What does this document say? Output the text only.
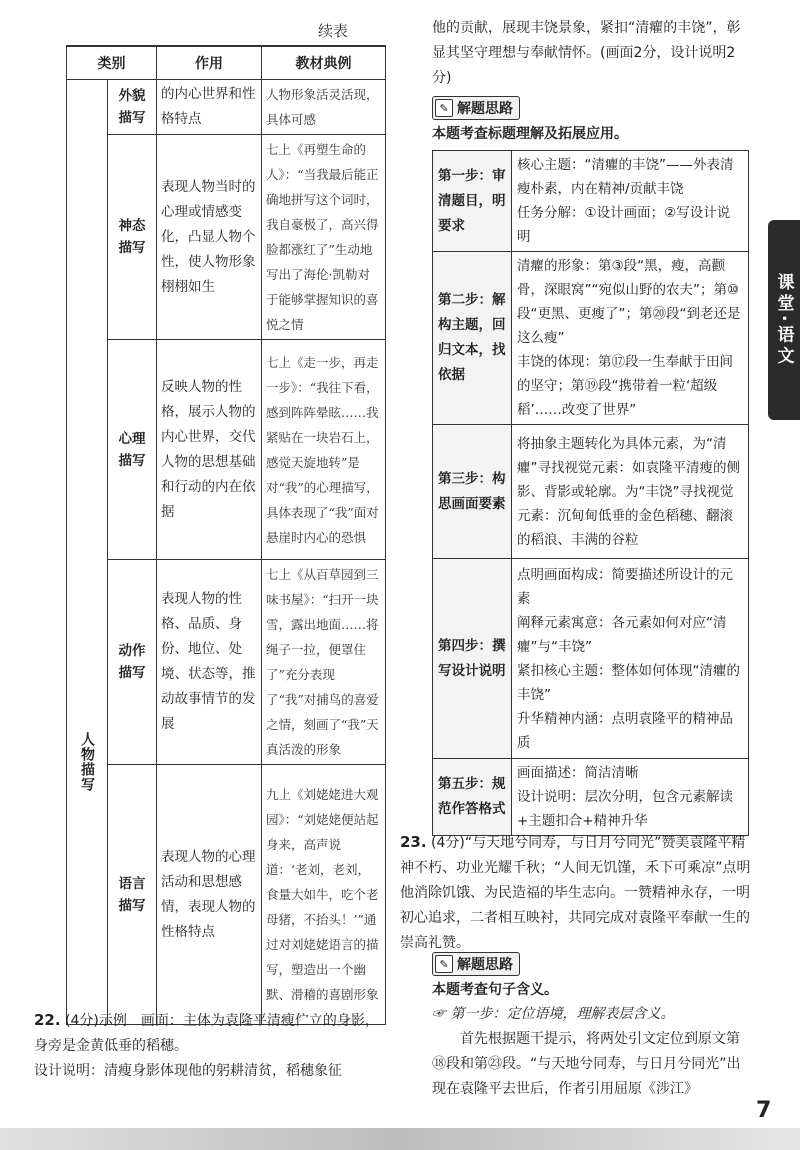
续表
类别		作用	教材典例

人物描写	外貌描写	的内心世界和性格特点	人物形象活灵活现，具体可感
	神态描写	表现人物当时的心理或情感变化，凸显人物个性，使人物形象栩栩如生	七上《再塑生命的人》：“当我最后能正确地拼写这个词时，我自豪极了，高兴得脸都涨红了”生动地写出了海伦·凯勒对于能够掌握知识的喜悦之情
	心理描写	反映人物的性格，展示人物的内心世界，交代人物的思想基础和行动的内在依据	七上《走一步，再走一步》：“我往下看，感到阵阵晕眩……我紧贴在一块岩石上，感觉天旋地转”是对“我”的心理描写，具体表现了“我”面对悬崖时内心的恐惧
	动作描写	表现人物的性格、品质、身份、地位、处境、状态等，推动故事情节的发展	七上《从百草园到三味书屋》：“扫开一块雪，露出地面……将绳子一拉，便罩住了”充分表现了“我”对捕鸟的喜爱之情，刻画了“我”天真活泼的形象
	语言描写	表现人物的心理活动和思想感情，表现人物的性格特点	九上《刘姥姥进大观园》：“刘姥姥便站起身来，高声说道：‘老刘，老刘，食量大如牛，吃个老母猪，不抬头！’”通过对刘姥姥语言的描写，塑造出一个幽默、滑稽的喜剧形象
22. (4分)示例　画面：主体为袁隆平清瘦伫立的身影，身旁是金黄低垂的稻穗。
设计说明：清瘦身影体现他的躬耕清贫，稻穗象征
他的贡献，展现丰饶景象，紧扣“清癯的丰饶”，彰显其坚守理想与奉献情怀。(画面2分，设计说明2分)
✎ 解题思路
本题考查标题理解及拓展应用。
第一步：审清题目，明要求	核心主题：“清癯的丰饶”——外表清瘦朴素，内在精神/贡献丰饶
任务分解：①设计画面；②写设计说明
第二步：解构主题，回归文本，找依据	清癯的形象：第③段“黑，瘦，高颧骨，深眼窝”“宛似山野的农夫”；第⑩段“更黑、更瘦了”；第⑳段“到老还是这么瘦”
丰饶的体现：第⑰段一生奉献于田间的坚守；第⑲段“携带着一粒‘超级稻’……改变了世界”
第三步：构思画面要素	将抽象主题转化为具体元素，为“清癯”寻找视觉元素：如袁隆平清瘦的侧影、背影或轮廓。为“丰饶”寻找视觉元素：沉甸甸低垂的金色稻穗、翻滚的稻浪、丰满的谷粒
第四步：撰写设计说明	点明画面构成：简要描述所设计的元素
阐释元素寓意：各元素如何对应“清癯”与“丰饶”
紧扣核心主题：整体如何体现“清癯的丰饶”
升华精神内涵：点明袁隆平的精神品质
第五步：规范作答格式	画面描述：简洁清晰
设计说明：层次分明，包含元素解读+主题扣合+精神升华
23. (4分)“与天地兮同寿，与日月兮同光”赞美袁隆平精神不朽、功业光耀千秋；“人间无饥馑，禾下可乘凉”点明他消除饥饿、为民造福的毕生志向。一赞精神永存，一明初心追求，二者相互映衬，共同完成对袁隆平奉献一生的崇高礼赞。
✎ 解题思路
本题考查句子含义。
☞ 第一步：定位语境，理解表层含义。
首先根据题干提示，将两处引文定位到原文第⑱段和第㉓段。“与天地兮同寿，与日月兮同光”出现在袁隆平去世后，作者引用屈原《涉江》
课堂·语文
7
